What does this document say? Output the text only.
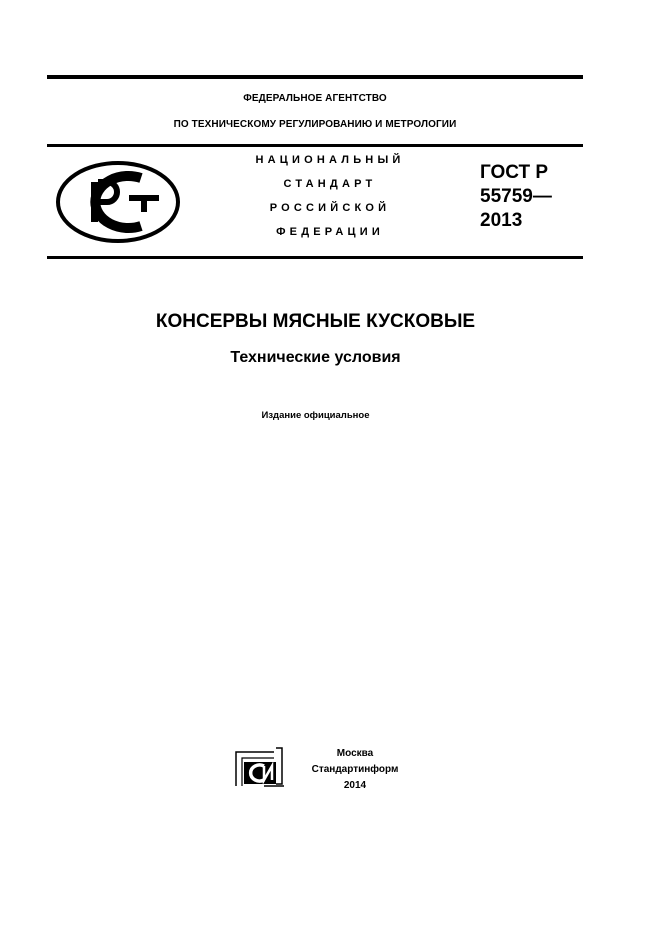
ФЕДЕРАЛЬНОЕ АГЕНТСТВО
ПО ТЕХНИЧЕСКОМУ РЕГУЛИРОВАНИЮ И МЕТРОЛОГИИ
НАЦИОНАЛЬНЫЙ
СТАНДАРТ
РОССИЙСКОЙ
ФЕДЕРАЦИИ
ГОСТ Р
55759—
2013
КОНСЕРВЫ МЯСНЫЕ КУСКОВЫЕ
Технические условия
Издание официальное
Москва
Стандартинформ
2014
